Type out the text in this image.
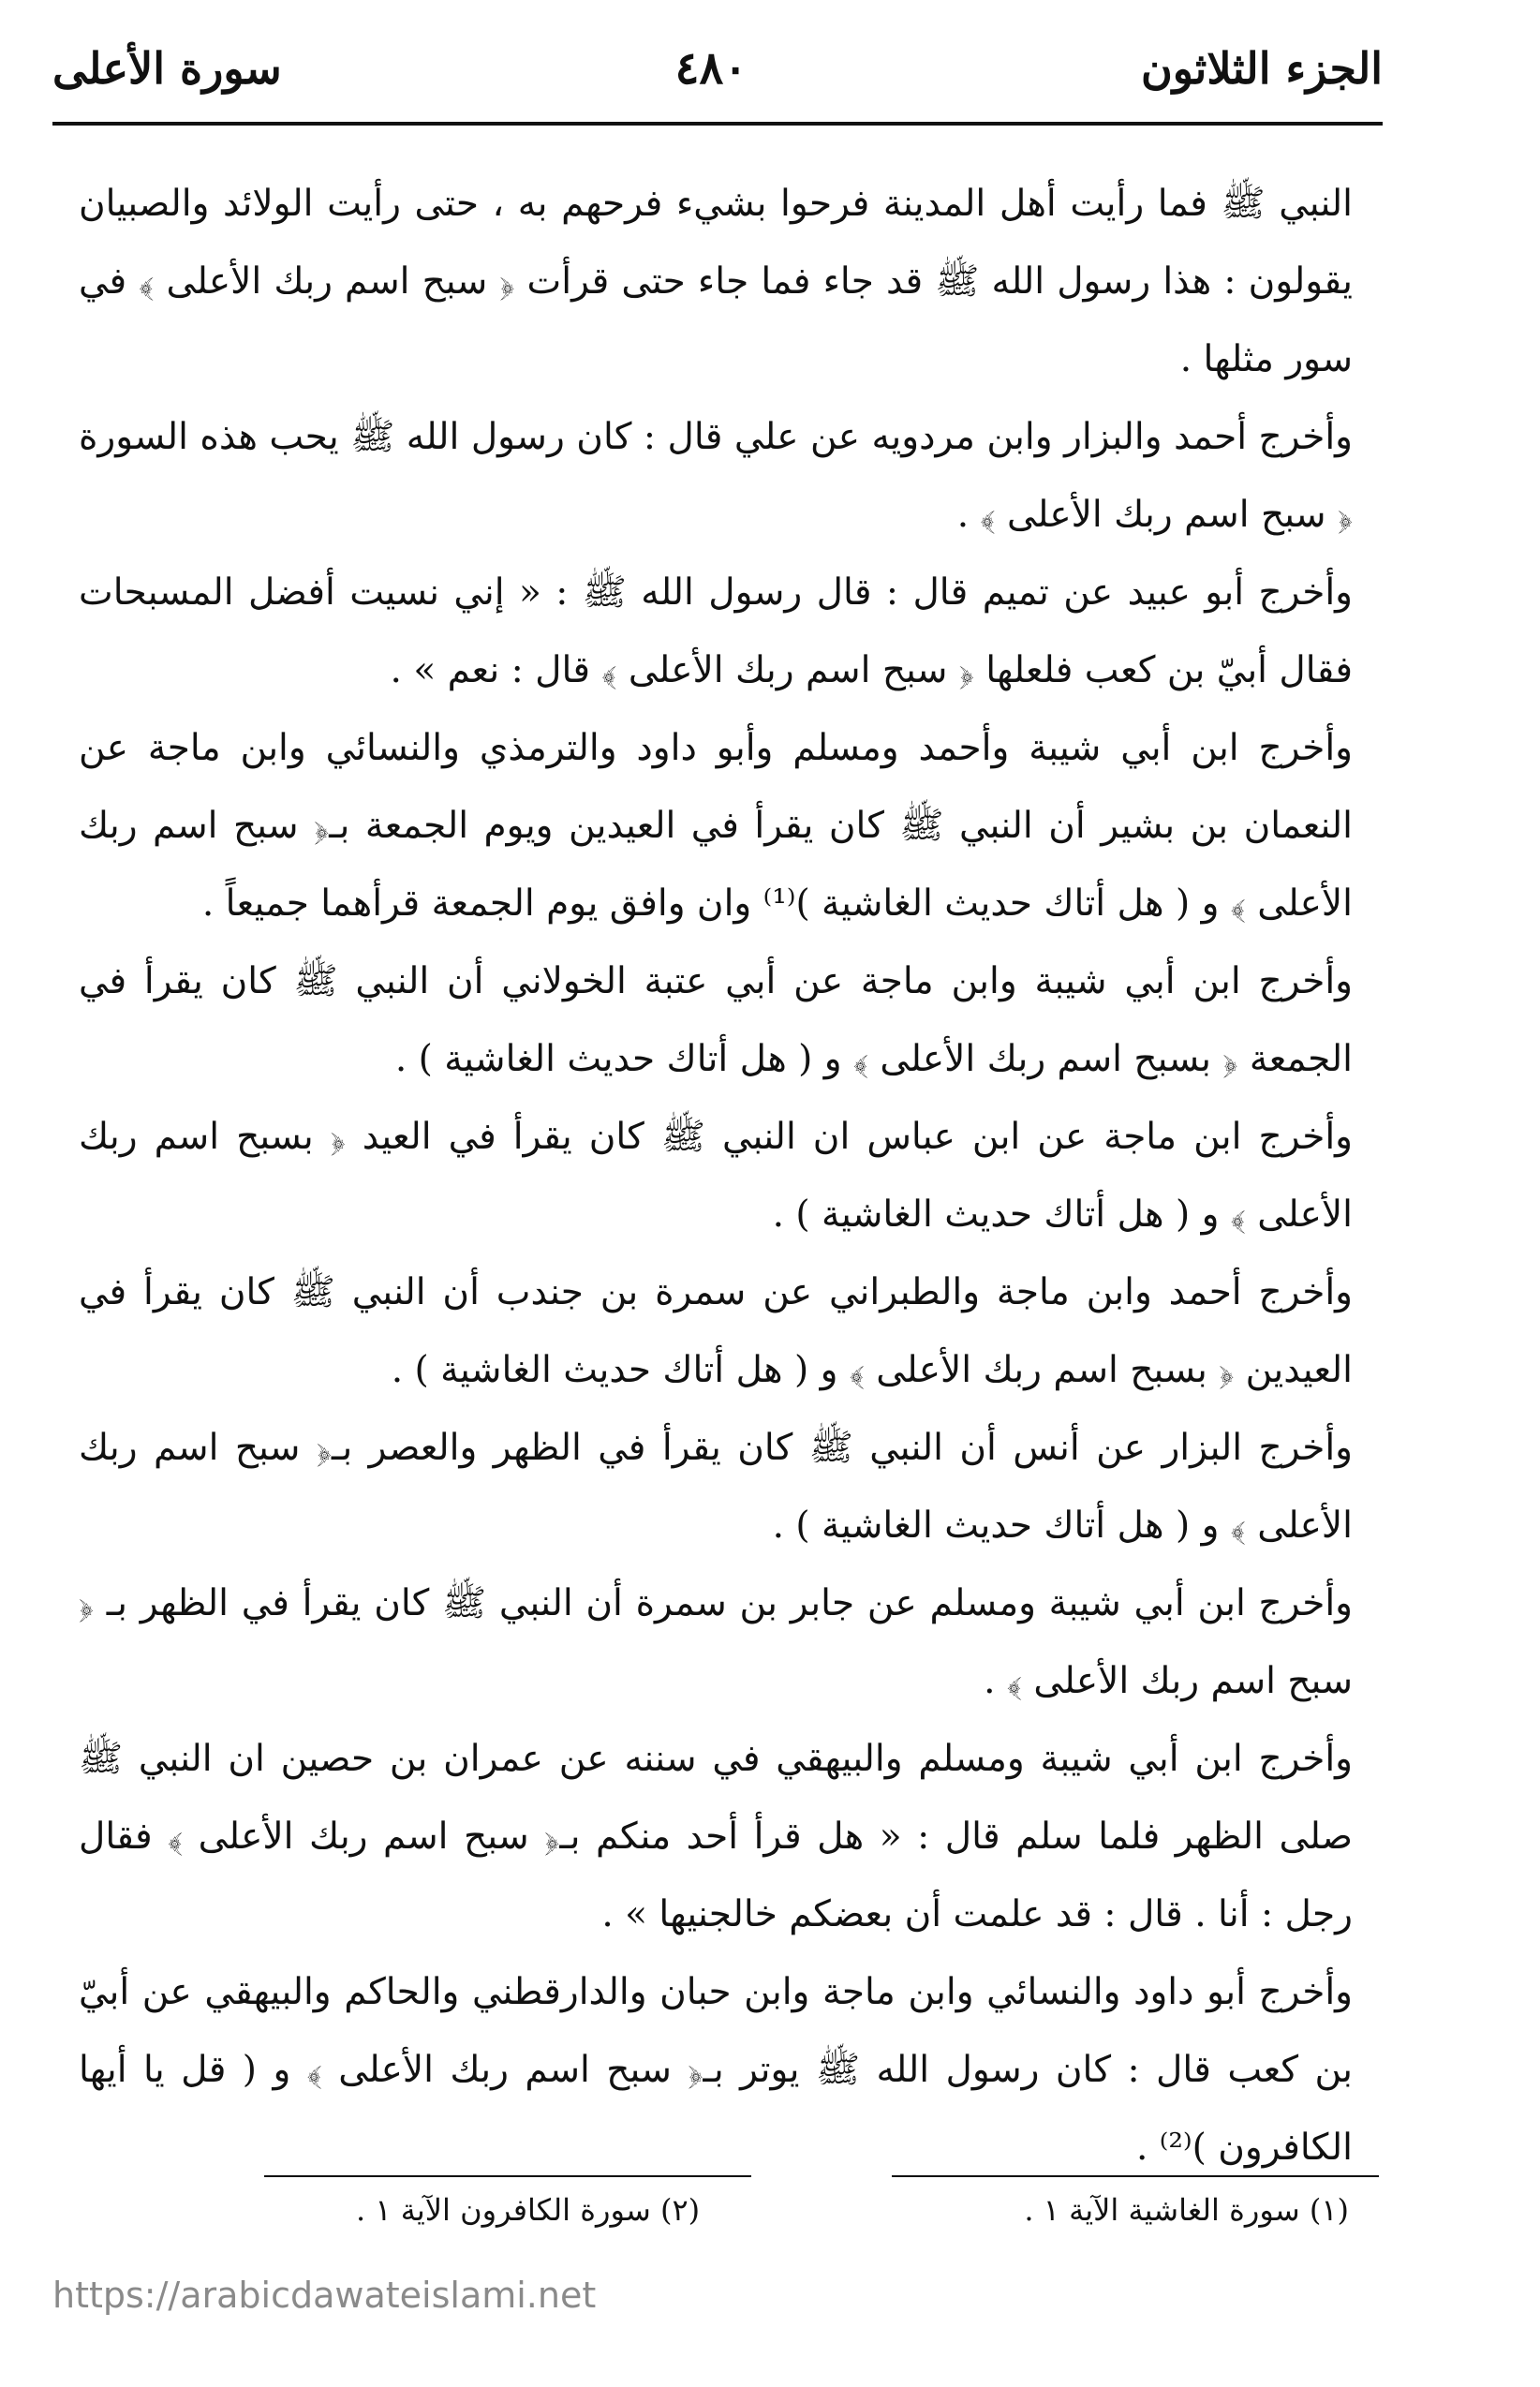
الجزء الثلاثون
٤٨٠
سورة الأعلى

النبي ﷺ فما رأيت أهل المدينة فرحوا بشيء فرحهم به ، حتى رأيت الولائد والصبيان يقولون : هذا رسول الله ﷺ قد جاء فما جاء حتى قرأت ﴿ سبح اسم ربك الأعلى ﴾ في سور مثلها .

وأخرج أحمد والبزار وابن مردويه عن علي قال : كان رسول الله ﷺ يحب هذه السورة ﴿ سبح اسم ربك الأعلى ﴾ .

وأخرج أبو عبيد عن تميم قال : قال رسول الله ﷺ : « إني نسيت أفضل المسبحات فقال أبيّ بن كعب فلعلها ﴿ سبح اسم ربك الأعلى ﴾ قال : نعم » .

وأخرج ابن أبي شيبة وأحمد ومسلم وأبو داود والترمذي والنسائي وابن ماجة عن النعمان بن بشير أن النبي ﷺ كان يقرأ في العيدين ويوم الجمعة بـ﴿ سبح اسم ربك الأعلى ﴾ و ( هل أتاك حديث الغاشية )⁽¹⁾ وان وافق يوم الجمعة قرأهما جميعاً .

وأخرج ابن أبي شيبة وابن ماجة عن أبي عتبة الخولاني أن النبي ﷺ كان يقرأ في الجمعة ﴿ بسبح اسم ربك الأعلى ﴾ و ( هل أتاك حديث الغاشية ) .

وأخرج ابن ماجة عن ابن عباس ان النبي ﷺ كان يقرأ في العيد ﴿ بسبح اسم ربك الأعلى ﴾ و ( هل أتاك حديث الغاشية ) .

وأخرج أحمد وابن ماجة والطبراني عن سمرة بن جندب أن النبي ﷺ كان يقرأ في العيدين ﴿ بسبح اسم ربك الأعلى ﴾ و ( هل أتاك حديث الغاشية ) .

وأخرج البزار عن أنس أن النبي ﷺ كان يقرأ في الظهر والعصر بـ﴿ سبح اسم ربك الأعلى ﴾ و ( هل أتاك حديث الغاشية ) .

وأخرج ابن أبي شيبة ومسلم عن جابر بن سمرة أن النبي ﷺ كان يقرأ في الظهر بـ ﴿ سبح اسم ربك الأعلى ﴾ .

وأخرج ابن أبي شيبة ومسلم والبيهقي في سننه عن عمران بن حصين ان النبي ﷺ صلى الظهر فلما سلم قال : « هل قرأ أحد منكم بـ﴿ سبح اسم ربك الأعلى ﴾ فقال رجل : أنا . قال : قد علمت أن بعضكم خالجنيها » .

وأخرج أبو داود والنسائي وابن ماجة وابن حبان والدارقطني والحاكم والبيهقي عن أبيّ بن كعب قال : كان رسول الله ﷺ يوتر بـ﴿ سبح اسم ربك الأعلى ﴾ و ( قل يا أيها الكافرون )⁽²⁾ .

(١) سورة الغاشية الآية ١ .
(٢) سورة الكافرون الآية ١ .
https://arabicdawateislami.net
